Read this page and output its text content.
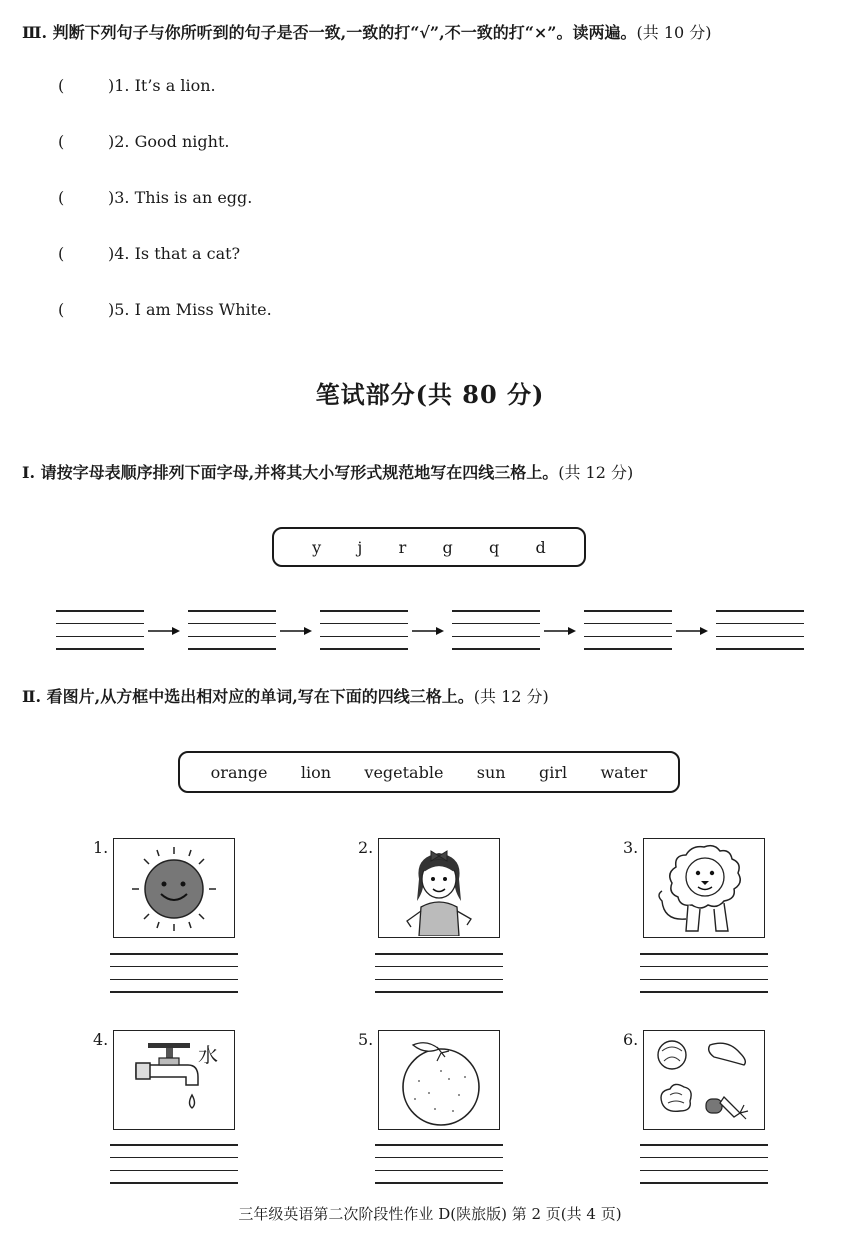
Ⅲ. 判断下列句子与你所听到的句子是否一致,一致的打“√”,不一致的打“×”。读两遍。(共 10 分)
(	)1. It’s a lion.
(	)2. Good night.
(	)3. This is an egg.
(	)4. Is that a cat?
(	)5. I am Miss White.
笔试部分(共 80 分)
Ⅰ. 请按字母表顺序排列下面字母,并将其大小写形式规范地写在四线三格上。(共 12 分)
y j r g q d
Ⅱ. 看图片,从方框中选出相对应的单词,写在下面的四线三格上。(共 12 分)
orange lion vegetable sun girl water
1.	2.	3.
4.
水
5.	6.
三年级英语第二次阶段性作业 D(陕旅版) 第 2 页(共 4 页)
